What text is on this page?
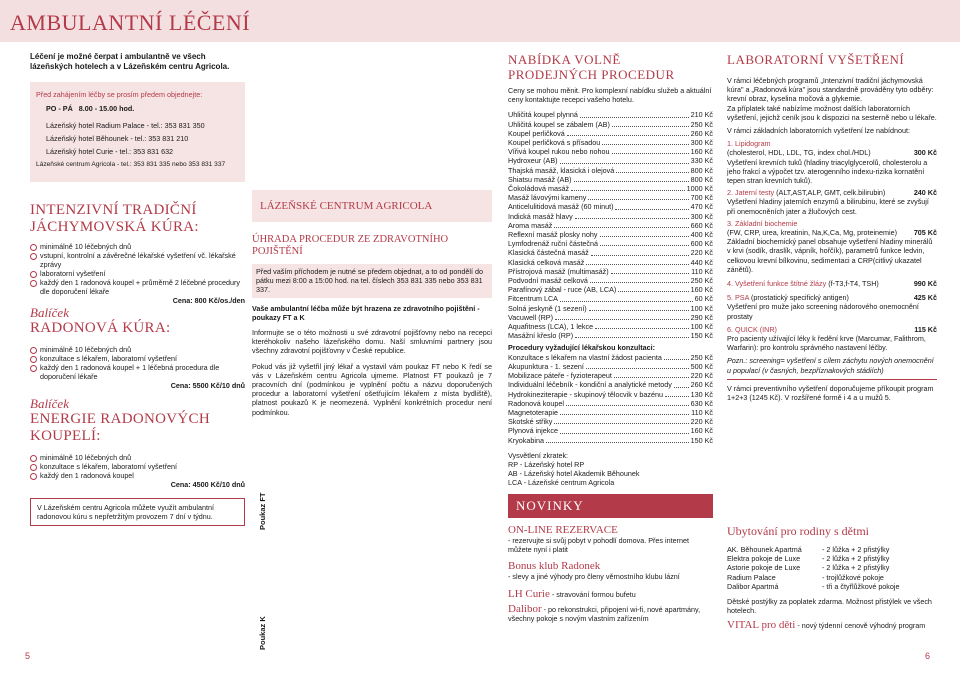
AMBULANTNÍ LÉČENÍ
Léčení je možné čerpat i ambulantně ve všech lázeňských hotelech a v Lázeňském centru Agricola.
Před zahájením léčby se prosím předem objednejte:
PO - PÁ 8.00 - 15.00 hod.
Lázeňský hotel Radium Palace - tel.: 353 831 350
Lázeňský hotel Běhounek - tel.: 353 831 210
Lázeňský hotel Curie - tel.: 353 831 632
Lázeňské centrum Agricola - tel.: 353 831 335 nebo 353 831 337
INTENZIVNÍ TRADIČNÍ JÁCHYMOVSKÁ KÚRA:
minimálně 10 léčebných dnů
vstupní, kontrolní a závěrečné lékařské vyšetření vč. lékařské zprávy
laboratorní vyšetření
každý den 1 radonová koupel + průměrně 2 léčebné procedury dle doporučení lékaře
Cena: 800 Kč/os./den
Balíček
RADONOVÁ KÚRA:
minimálně 10 léčebných dnů
konzultace s lékařem, laboratorní vyšetření
každý den 1 radonová koupel + 1 léčebná procedura dle doporučení lékaře
Cena: 5500 Kč/10 dnů
Balíček
ENERGIE RADONOVÝCH KOUPELÍ:
minimálně 10 léčebných dnů
konzultace s lékařem, laboratorní vyšetření
každý den 1 radonová koupel
Cena: 4500 Kč/10 dnů
V Lázeňském centru Agricola můžete využít ambulantní radonovou kúru s nepřetržitým provozem 7 dní v týdnu.
LÁZEŇSKÉ CENTRUM AGRICOLA
ÚHRADA PROCEDUR ZE ZDRAVOTNÍHO POJIŠTĚNÍ
Před vaším příchodem je nutné se předem objednat, a to od pondělí do pátku mezi 8:00 a 15:00 hod. na tel. číslech 353 831 335 nebo 353 831 337.
Vaše ambulantní léčba může být hrazena ze zdravotního pojištění - poukazy FT a K
Informujte se o této možnosti u své zdravotní pojišťovny nebo na recepci kteréhokoliv našeho lázeňského domu. Naší smluvními partnery jsou všechny zdravotní pojišťovny v České republice.
Pokud vás již vyšetřil jiný lékař a vystavil vám poukaz FT nebo K ředí se vás v Lázeňském centru Agricola ujmeme. Platnost FT poukazů je 7 pracovních dní (podmínkou je vyplnění počtu a názvu doporučených procedur a laboratorní vyšetření ošetřujícím lékařem z místa bydliště), platnost poukazů K je neomezená. Vyplnění konkrétních procedur není podmínkou.
Poukaz FT
Poukaz K
NABÍDKA VOLNĚ PRODEJNÝCH PROCEDUR
Ceny se mohou měnit. Pro komplexní nabídku služeb a aktuální ceny kontaktujte recepci vašeho hotelu.
Uhličitá koupel plynná	210 Kč
Uhličitá koupel se zábalem (AB)	250 Kč
Koupel perličková	260 Kč
Koupel perličková s přísadou	300 Kč
Vířivá koupel rukou nebo nohou	160 Kč
Hydroxeur (AB)	330 Kč
Thajská masáž, klasická i olejová	800 Kč
Shiatsu masáž (AB)	800 Kč
Čokoládová masáž	1000 Kč
Masáž lávovými kameny	700 Kč
Anticelulitidová masáž (60 minut)	470 Kč
Indická masáž hlavy	300 Kč
Aroma masáž	660 Kč
Reflexní masáž plosky nohy	400 Kč
Lymfodrenáž ruční částečná	600 Kč
Klasická částečná masáž	220 Kč
Klasická celková masáž	440 Kč
Přístrojová masáž (multimasáž)	110 Kč
Podvodní masáž celková	250 Kč
Parafínový zábal - ruce (AB, LCA)	160 Kč
Fitcentrum LCA	60 Kč
Solná jeskyně (1 sezení)	100 Kč
Vacuwell (RP)	290 Kč
Aquafitness (LCA), 1 lekce	100 Kč
Masážní křeslo (RP)	150 Kč
Procedury vyžadující lékařskou konzultaci:
Konzultace s lékařem na vlastní žádost pacienta	250 Kč
Akupunktura - 1. sezení	500 Kč
Mobilizace páteře - fyzioterapeut	220 Kč
Individuální léčebník - kondiční a analytické metody	260 Kč
Hydrokineziterapie - skupinový tělocvik v bazénu	130 Kč
Radonová koupel	630 Kč
Magnetoterapie	110 Kč
Skotské střiky	220 Kč
Plynová injekce	160 Kč
Kryokabina	150 Kč
Vysvětlení zkratek:
RP - Lázeňský hotel RP
AB - Lázeňský hotel Akademik Běhounek
LCA - Lázeňské centrum Agricola
NOVINKY
ON-LINE REZERVACE
- rezervujte si svůj pobyt v pohodlí domova. Přes internet můžete nyní i platit
Bonus klub Radonek
- slevy a jiné výhody pro členy věrnostního klubu lázní
LH Curie - stravování formou bufetu
Dalibor - po rekonstrukci, připojení wi-fi, nové apartmány, všechny pokoje s novým vlastním zařízením
LABORATORNÍ VYŠETŘENÍ
V rámci léčebných programů „Intenzivní tradiční jáchymovská kúra" a „Radonová kúra" jsou standardně prováděny tyto odběry: krevní obraz, kyselina močová a glykemie.
Za příplatek také nabízíme možnost dalších laboratorních vyšetření, jejichž ceník jsou k dispozici na sesterně nebo u lékaře.
V rámci základních laboratorních vyšetření lze nabídnout:
1. Lipidogram
(cholesterol, HDL, LDL, TG, index chol./HDL)	300 Kč
Vyšetření krevních tuků (hladiny triacylglycerolů, cholesterolu a jeho frakcí a výpočet tzv. aterogenního indexu-rizika kornatění tepen stran krevních tuků).
2. Jaterní testy (ALT,AST,ALP, GMT, celk.bilirubin)	240 Kč
Vyšetření hladiny jaterních enzymů a bilirubinu, které se zvyšují při onemocněních jater a žlučových cest.
3. Základní biochemie
(FW, CRP, urea, kreatinin, Na,K,Ca, Mg, proteinemie) 705 Kč
Základní biochemický panel obsahuje vyšetření hladiny minerálů v krvi (sodík, draslík, vápník, hořčík), parametrů funkce ledvin, celkovou krevní bílkovinu, sedimentaci a CRP(citlivý ukazatel zánětů).
4. Vyšetření funkce štítné žlázy (f-T3,f-T4, TSH)	990 Kč
5. PSA (prostatický specifický antigen)	425 Kč
Vyšetření pro muže jako screening nádorového onemocnění prostaty
6. QUICK (INR)	115 Kč
Pro pacienty užívající léky k ředění krve (Marcumar, Falithrom, Warfarin): pro kontrolu správného nastavení léčby.
Pozn.: screening= vyšetření s cílem záchytu nových onemocnění u populací (v časných, bezpříznakových stádiích)
V rámci preventivního vyšetření doporučujeme příkoupit program 1+2+3 (1245 Kč). V rozšířené formě i 4 a u mužů 5.
Ubytování pro rodiny s dětmi
AK. Běhounek Apartmá	- 2 lůžka + 2 přistýlky
Elektra pokoje de Luxe	- 2 lůžka + 2 přistýlky
Astorie pokoje de Luxe	- 2 lůžka + 2 přistýlky
Radium Palace	- trojlůžkové pokoje
Dalibor Apartmá	- tři a čtyřlůžkové pokoje
Dětské postýlky za poplatek zdarma. Možnost přistýlek ve všech hotelech.
VITAL pro děti - nový týdenní cenově výhodný program
5	6
